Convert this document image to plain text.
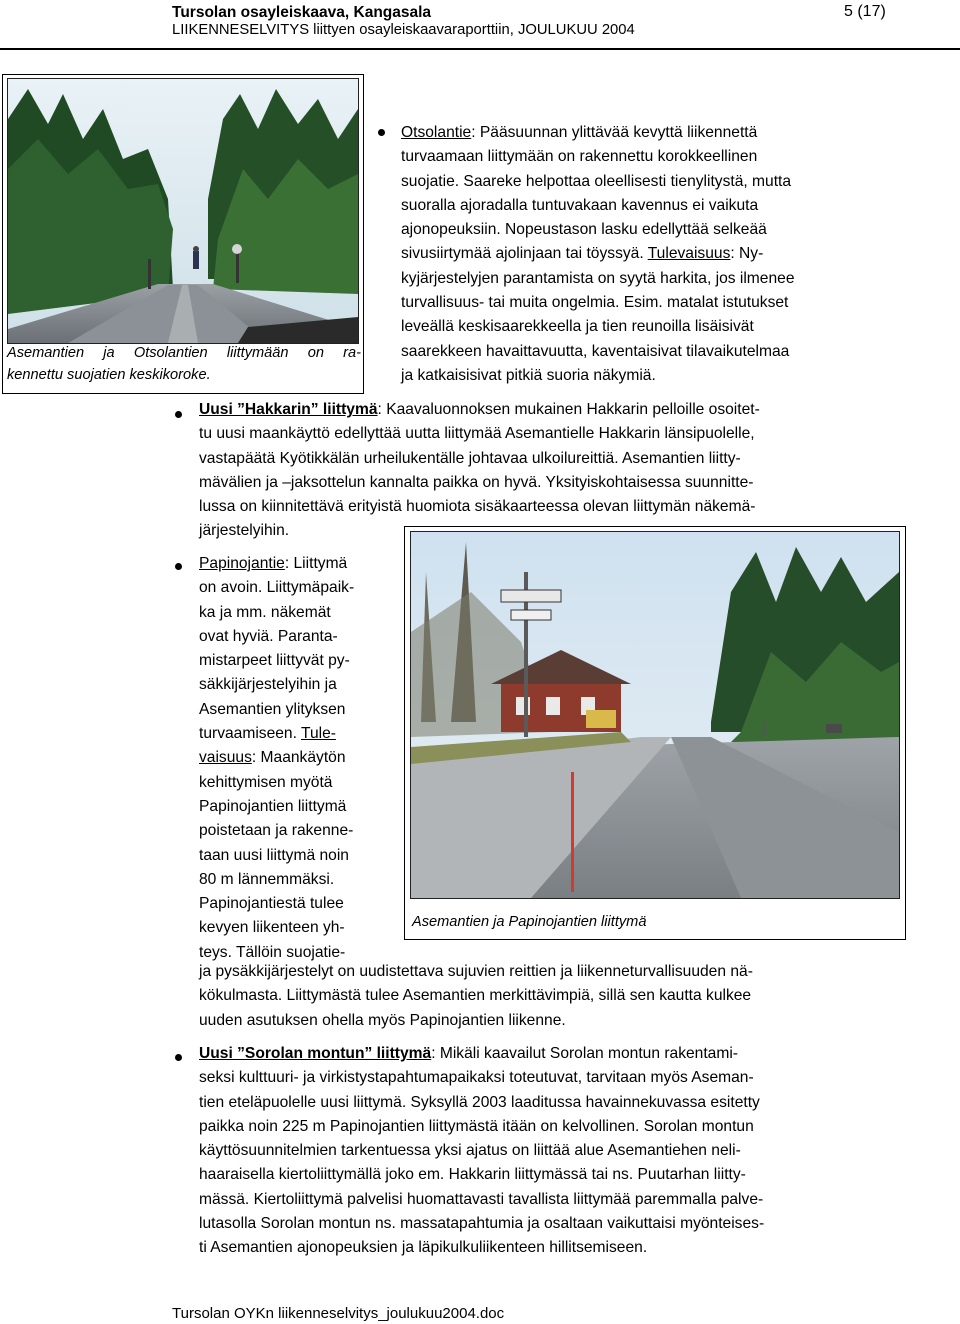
Tursolan osayleiskaava, Kangasala
LIIKENNESELVITYS liittyen osayleiskaavaraporttiin, JOULUKUU 2004
5 (17)
Asemantien ja Otsolantien liittymään on ra-
kennettu suojatien keskikoroke.
Otsolantie: Pääsuunnan ylittävää kevyttä liikennettä
turvaamaan liittymään on rakennettu korokkeellinen
suojatie. Saareke helpottaa oleellisesti tienylitystä, mutta
suoralla ajoradalla tuntuvakaan kavennus ei vaikuta
ajonopeuksiin. Nopeustason lasku edellyttää selkeää
sivusiirtymää ajolinjaan tai töyssyä. Tulevaisuus: Ny-
kyjärjestelyjen parantamista on syytä harkita, jos ilmenee
turvallisuus- tai muita ongelmia. Esim. matalat istutukset
leveällä keskisaarekkeella ja tien reunoilla lisäisivät
saarekkeen havaittavuutta, kaventaisivat tilavaikutelmaa
ja katkaisisivat pitkiä suoria näkymiä.
Uusi ”Hakkarin” liittymä: Kaavaluonnoksen mukainen Hakkarin pelloille osoitet-
tu uusi maankäyttö edellyttää uutta liittymää Asemantielle Hakkarin länsipuolelle,
vastapäätä Kyötikkälän urheilukentälle johtavaa ulkoilureittiä. Asemantien liitty-
mävälien ja –jaksottelun kannalta paikka on hyvä. Yksityiskohtaisessa suunnitte-
lussa on kiinnitettävä erityistä huomiota sisäkaarteessa olevan liittymän näkemä-
järjestelyihin.
Asemantien ja Papinojantien liittymä
Papinojantie: Liittymä
on avoin. Liittymäpaik-
ka ja mm. näkemät
ovat hyviä. Paranta-
mistarpeet liittyvät py-
säkkijärjestelyihin ja
Asemantien ylityksen
turvaamiseen. Tule-
vaisuus: Maankäytön
kehittymisen myötä
Papinojantien liittymä
poistetaan ja rakenne-
taan uusi liittymä noin
80 m lännemmäksi.
Papinojantiestä tulee
kevyen liikenteen yh-
teys. Tällöin suojatie-
ja pysäkkijärjestelyt on uudistettava sujuvien reittien ja liikenneturvallisuuden nä-
kökulmasta. Liittymästä tulee Asemantien merkittävimpiä, sillä sen kautta kulkee
uuden asutuksen ohella myös Papinojantien liikenne.
Uusi ”Sorolan montun” liittymä: Mikäli kaavailut Sorolan montun rakentami-
seksi kulttuuri- ja virkistystapahtumapaikaksi toteutuvat, tarvitaan myös Aseman-
tien eteläpuolelle uusi liittymä. Syksyllä 2003 laaditussa havainnekuvassa esitetty
paikka noin 225 m Papinojantien liittymästä itään on kelvollinen. Sorolan montun
käyttösuunnitelmien tarkentuessa yksi ajatus on liittää alue Asemantiehen neli-
haaraisella kiertoliittymällä joko em. Hakkarin liittymässä tai ns. Puutarhan liitty-
mässä. Kiertoliittymä palvelisi huomattavasti tavallista liittymää paremmalla palve-
lutasolla Sorolan montun ns. massatapahtumia ja osaltaan vaikuttaisi myönteises-
ti Asemantien ajonopeuksien ja läpikulkuliikenteen hillitsemiseen.
Tursolan OYKn liikenneselvitys_joulukuu2004.doc
